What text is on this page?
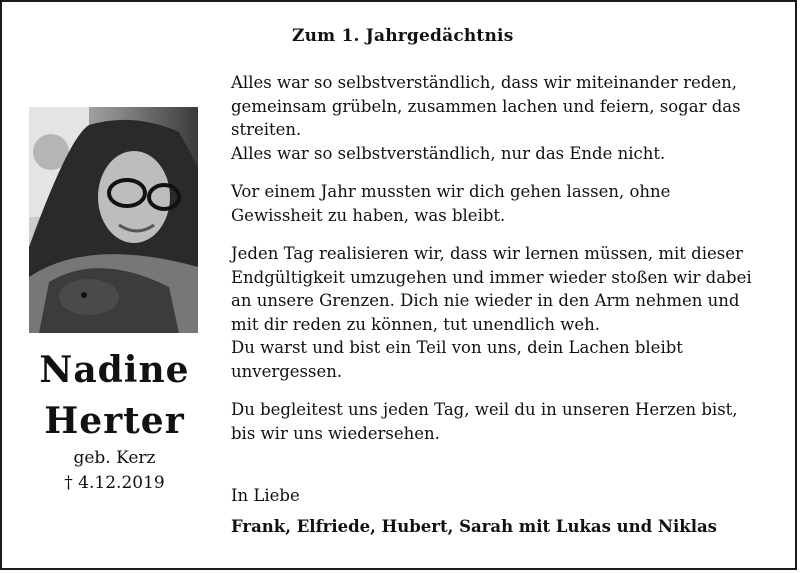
Zum 1. Jahrgedächtnis
Nadine
Herter
geb. Kerz
† 4.12.2019

Alles war so selbstverständlich, dass wir miteinander reden,

gemeinsam grübeln, zusammen lachen und feiern, sogar das

streiten.

Alles war so selbstverständlich, nur das Ende nicht.

Vor einem Jahr mussten wir dich gehen lassen, ohne

Gewissheit zu haben, was bleibt.

Jeden Tag realisieren wir, dass wir lernen müssen, mit dieser

Endgültigkeit umzugehen und immer wieder stoßen wir dabei

an unsere Grenzen. Dich nie wieder in den Arm nehmen und

mit dir reden zu können, tut unendlich weh.

Du warst und bist ein Teil von uns, dein Lachen bleibt

unvergessen.

Du begleitest uns jeden Tag, weil du in unseren Herzen bist,

bis wir uns wiedersehen.

In Liebe
Frank, Elfriede, Hubert, Sarah mit Lukas und Niklas
